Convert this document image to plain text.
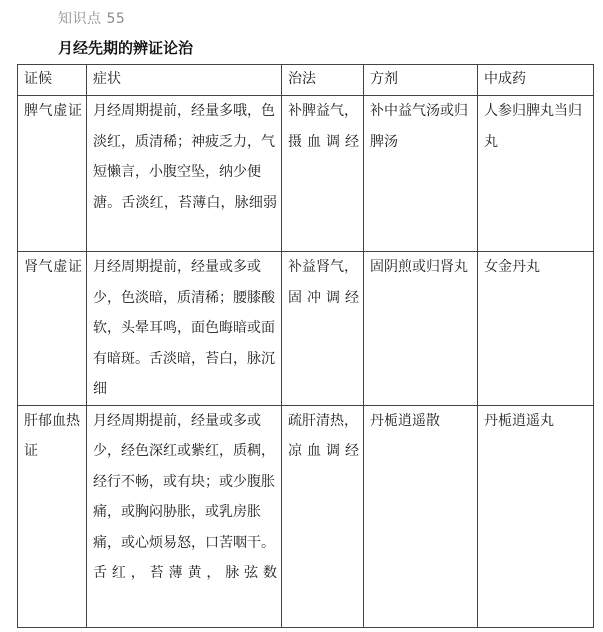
知识点 55
月经先期的辨证论治
证候	症状	治法	方剂	中成药
脾气虚证	月经周期提前，经量多哦，色淡红，质清稀；神疲乏力，气短懒言，小腹空坠，纳少便溏。舌淡红，苔薄白，脉细弱	补脾益气，摄血调经	补中益气汤或归脾汤	人参归脾丸当归丸
肾气虚证	月经周期提前，经量或多或少，色淡暗，质清稀；腰膝酸软，头晕耳鸣，面色晦暗或面有暗斑。舌淡暗，苔白，脉沉细	补益肾气，固冲调经	固阴煎或归肾丸	女金丹丸
肝郁血热证	月经周期提前，经量或多或少，经色深红或紫红，质稠，经行不畅，或有块；或少腹胀痛，或胸闷胁胀，或乳房胀痛，或心烦易怒，口苦咽干。舌红，苔薄黄，脉弦数	疏肝清热，凉血调经	丹栀逍遥散	丹栀逍遥丸
